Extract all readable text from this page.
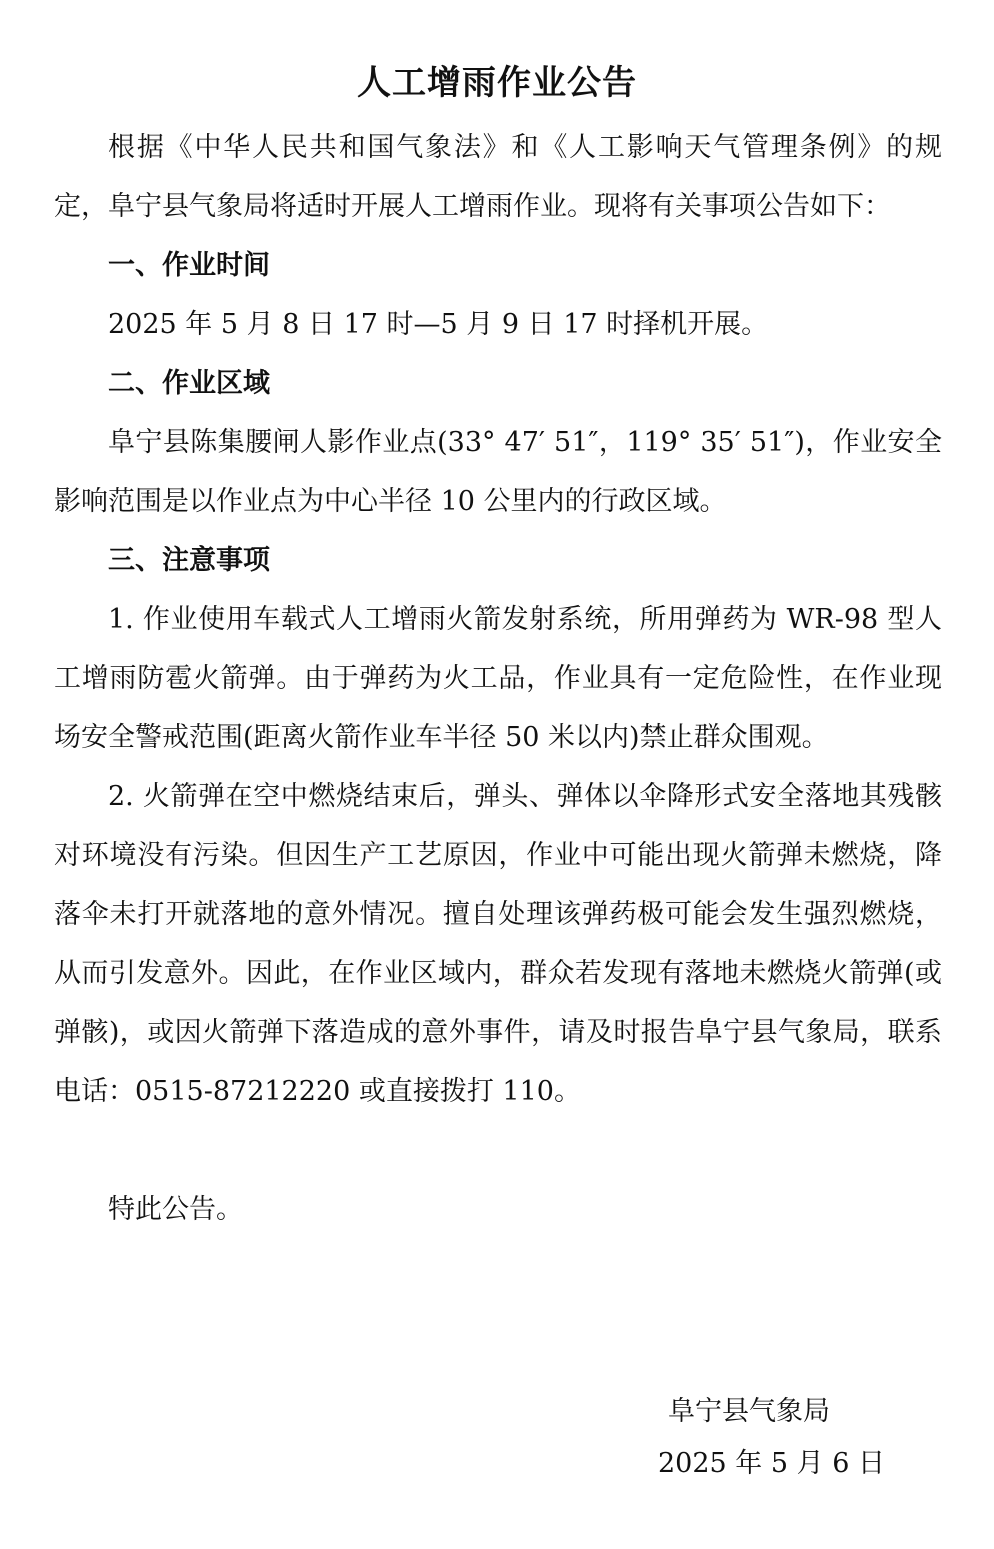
人工增雨作业公告

根据《中华人民共和国气象法》和《人工影响天气管理条例》的规定，阜宁县气象局将适时开展人工增雨作业。现将有关事项公告如下：

一、作业时间

2025 年 5 月 8 日 17 时—5 月 9 日 17 时择机开展。

二、作业区域

阜宁县陈集腰闸人影作业点(33° 47′ 51″，119° 35′ 51″)，作业安全影响范围是以作业点为中心半径 10 公里内的行政区域。

三、注意事项

1. 作业使用车载式人工增雨火箭发射系统，所用弹药为 WR-98 型人工增雨防雹火箭弹。由于弹药为火工品，作业具有一定危险性，在作业现场安全警戒范围(距离火箭作业车半径 50 米以内)禁止群众围观。

2. 火箭弹在空中燃烧结束后，弹头、弹体以伞降形式安全落地其残骸对环境没有污染。但因生产工艺原因，作业中可能出现火箭弹未燃烧，降落伞未打开就落地的意外情况。擅自处理该弹药极可能会发生强烈燃烧，从而引发意外。因此，在作业区域内，群众若发现有落地未燃烧火箭弹(或弹骸)，或因火箭弹下落造成的意外事件，请及时报告阜宁县气象局，联系电话：0515-87212220 或直接拨打 110。

特此公告。

阜宁县气象局
2025 年 5 月 6 日
